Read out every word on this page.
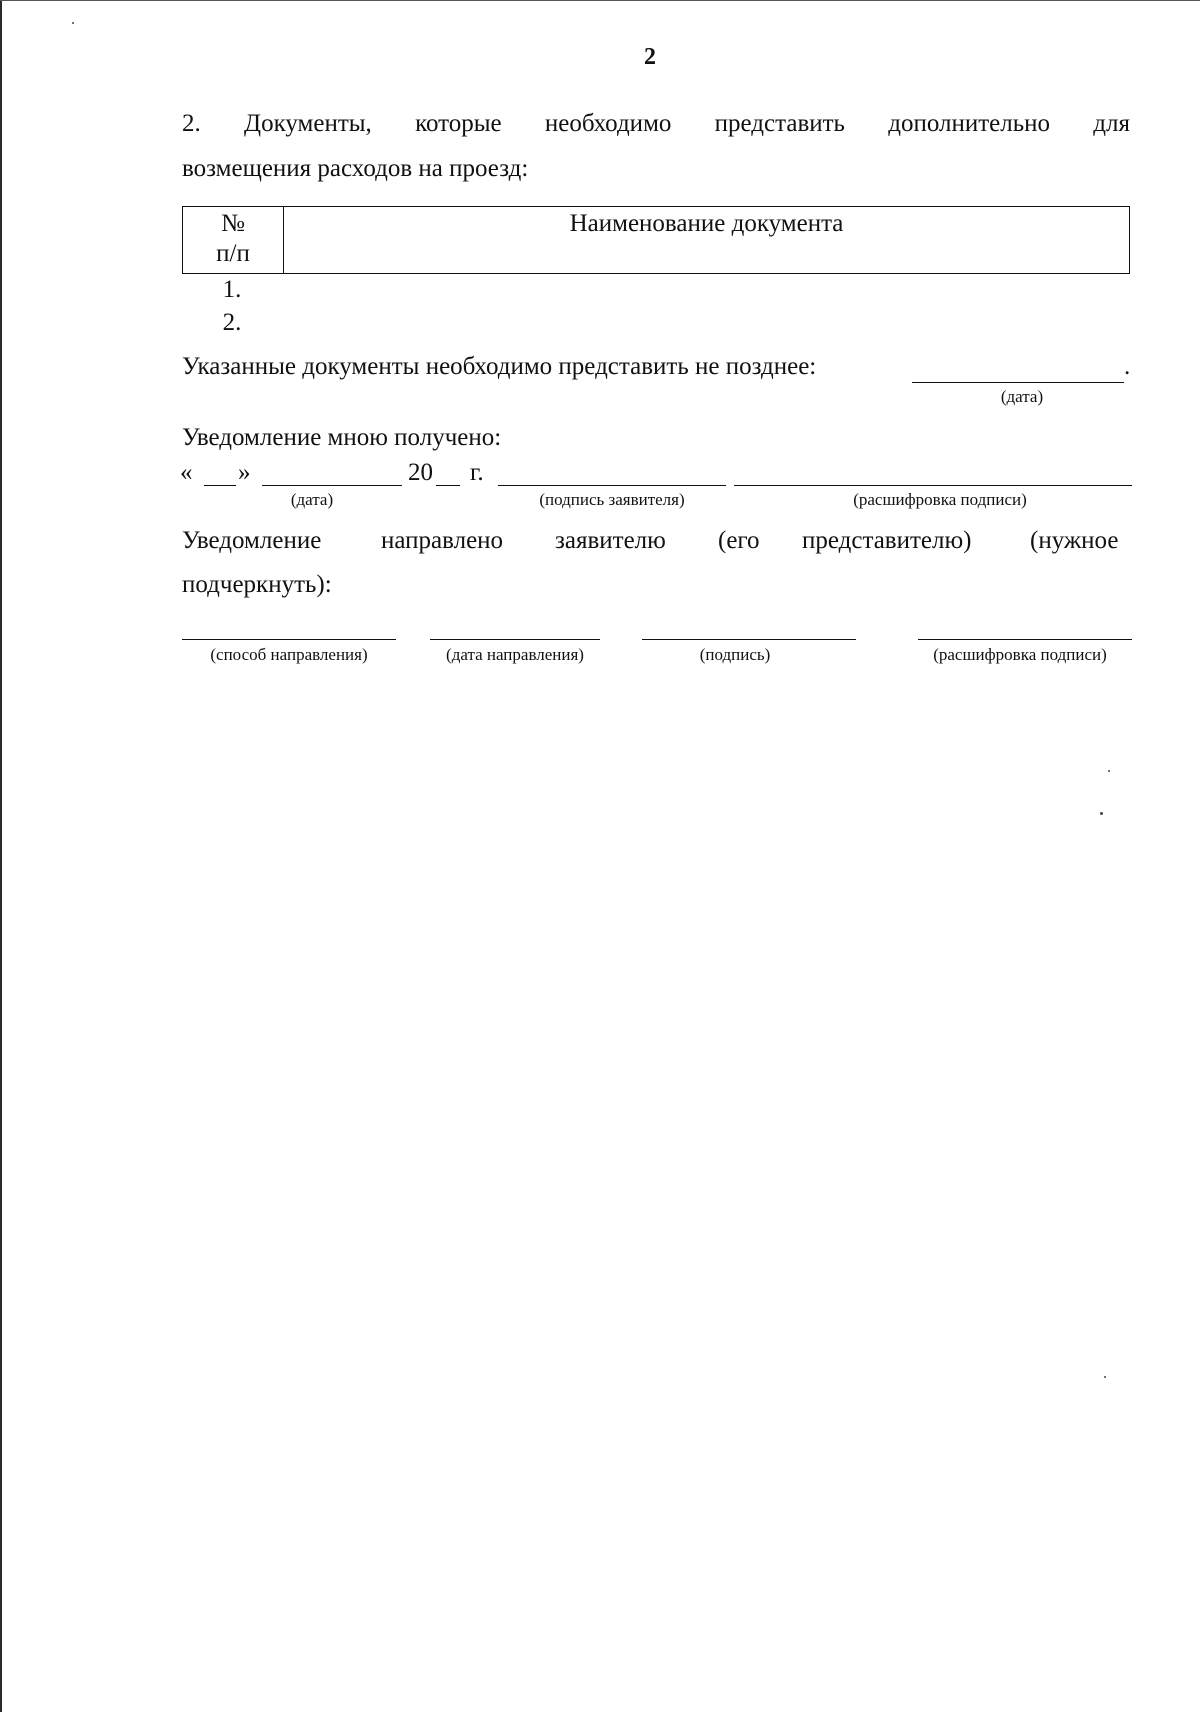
2
2. Документы, которые необходимо представить дополнительно для
возмещения расходов на проезд:
№
п/п
	Наименование документа
1.
2.
Указанные документы необходимо представить не позднее:	.
(дата)
Уведомление мною получено:
« »	20 г.
(дата)	(подпись заявителя)	(расшифровка подписи)
Уведомление направлено заявителю (его представителю) (нужное
подчеркнуть):
(способ направления)	(дата направления)	(подпись)	(расшифровка подписи)
